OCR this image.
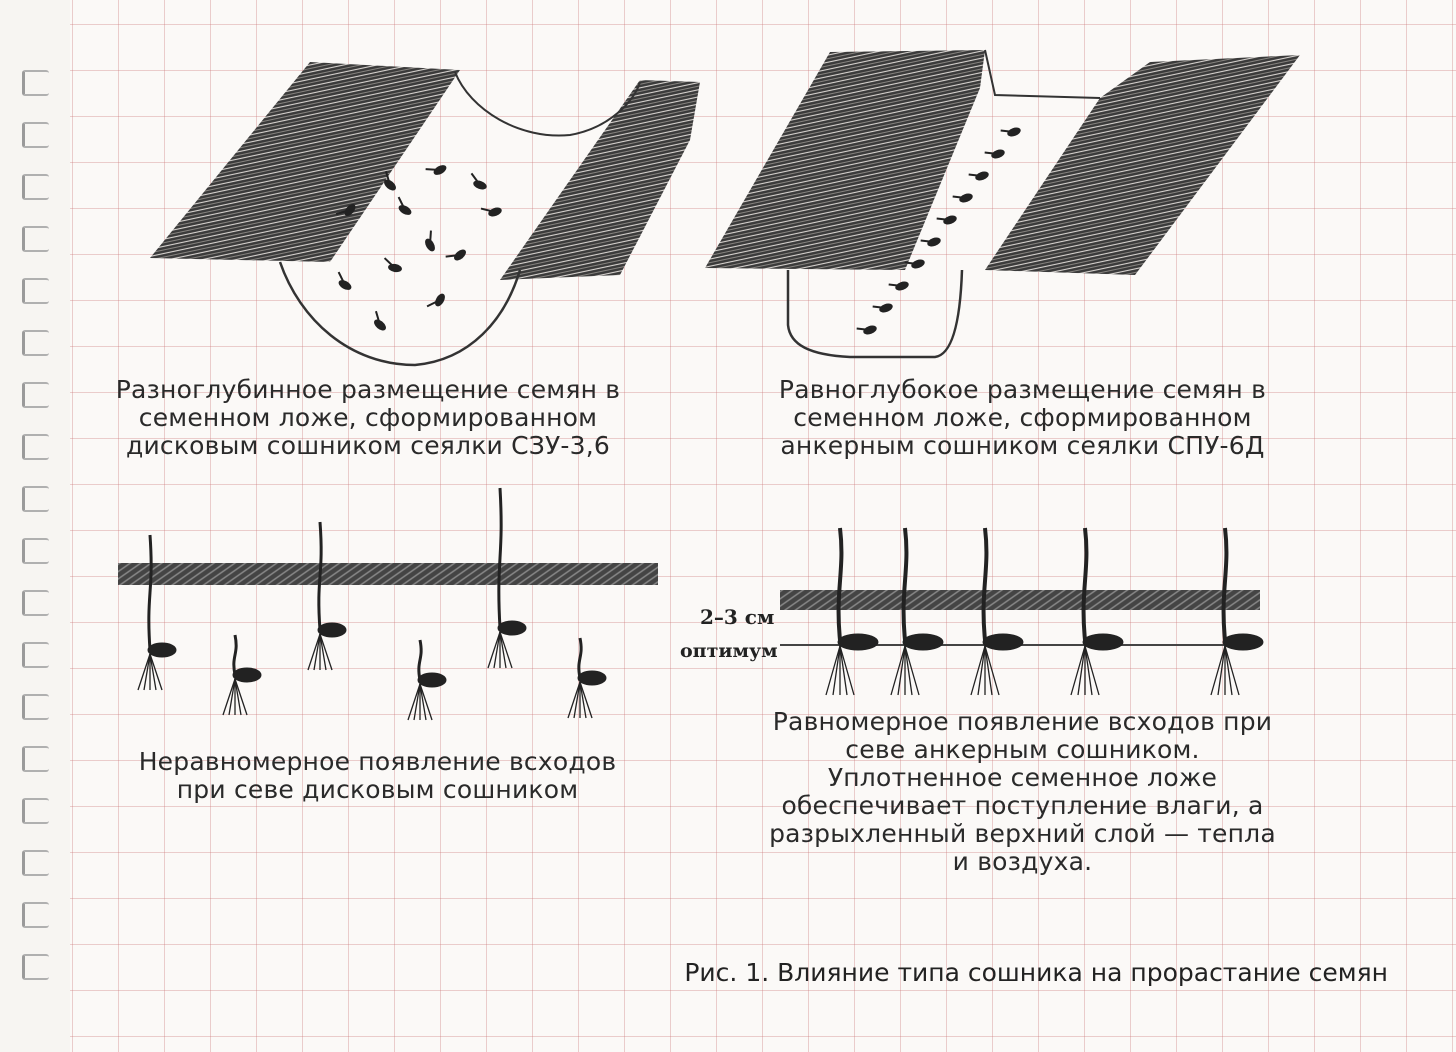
2–3 см
оптимум
Разноглубинное размещение семян в
семенном ложе, сформированном
дисковым сошником сеялки СЗУ-3,6
Равноглубокое размещение семян в
семенном ложе, сформированном
анкерным сошником сеялки СПУ-6Д
Неравномерное появление всходов
при севе дисковым сошником
Равномерное появление всходов при
севе анкерным сошником.
Уплотненное семенное ложе
обеспечивает поступление влаги, а
разрыхленный верхний слой — тепла
и воздуха.
Рис. 1. Влияние типа сошника на прорастание семян
